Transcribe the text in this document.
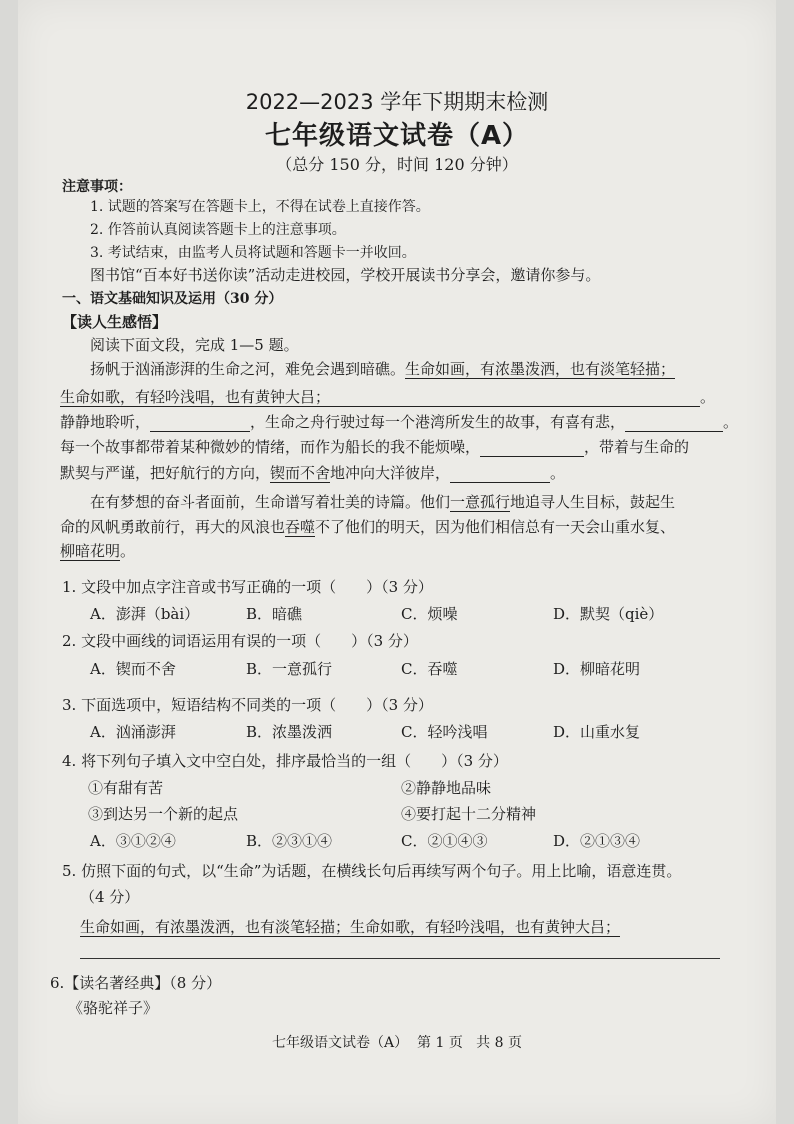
2022—2023 学年下期期末检测
七年级语文试卷（A）
（总分 150 分，时间 120 分钟）
注意事项：
1. 试题的答案写在答题卡上，不得在试卷上直接作答。
2. 作答前认真阅读答题卡上的注意事项。
3. 考试结束，由监考人员将试题和答题卡一并收回。
图书馆“百本好书送你读”活动走进校园，学校开展读书分享会，邀请你参与。
一、语文基础知识及运用（30 分）
【读人生感悟】
阅读下面文段，完成 1—5 题。
扬帆于汹涌澎湃的生命之河，难免会遇到暗礁。生命如画，有浓墨泼洒，也有淡笔轻描；
生命如歌，有轻吟浅唱，也有黄钟大吕；	。
静静地聆听，	，生命之舟行驶过每一个港湾所发生的故事，有喜有悲，	。
每一个故事都带着某种微妙的情绪，而作为船长的我不能烦噪，	，带着与生命的
默契与严谨，把好航行的方向，锲而不舍地冲向大洋彼岸，	。
在有梦想的奋斗者面前，生命谱写着壮美的诗篇。他们一意孤行地追寻人生目标，鼓起生
命的风帆勇敢前行，再大的风浪也吞噬不了他们的明天，因为他们相信总有一天会山重水复、
柳暗花明。
1. 文段中加点字注音或书写正确的一项（　　）（3 分）
A．澎湃（bài）	B．暗礁	C．烦噪	D．默契（qiè）
2. 文段中画线的词语运用有误的一项（　　）（3 分）
A．锲而不舍	B．一意孤行	C．吞噬	D．柳暗花明
3. 下面选项中，短语结构不同类的一项（　　）（3 分）
A．汹涌澎湃	B．浓墨泼洒	C．轻吟浅唱	D．山重水复
4. 将下列句子填入文中空白处，排序最恰当的一组（　　）（3 分）
①有甜有苦	②静静地品味
③到达另一个新的起点	④要打起十二分精神
A．③①②④	B．②③①④	C．②①④③	D．②①③④
5. 仿照下面的句式，以“生命”为话题，在横线长句后再续写两个句子。用上比喻，语意连贯。
（4 分）
生命如画，有浓墨泼洒，也有淡笔轻描；生命如歌，有轻吟浅唱，也有黄钟大吕；
6.【读名著经典】（8 分）
《骆驼祥子》
七年级语文试卷（A）  第 1 页   共 8 页
